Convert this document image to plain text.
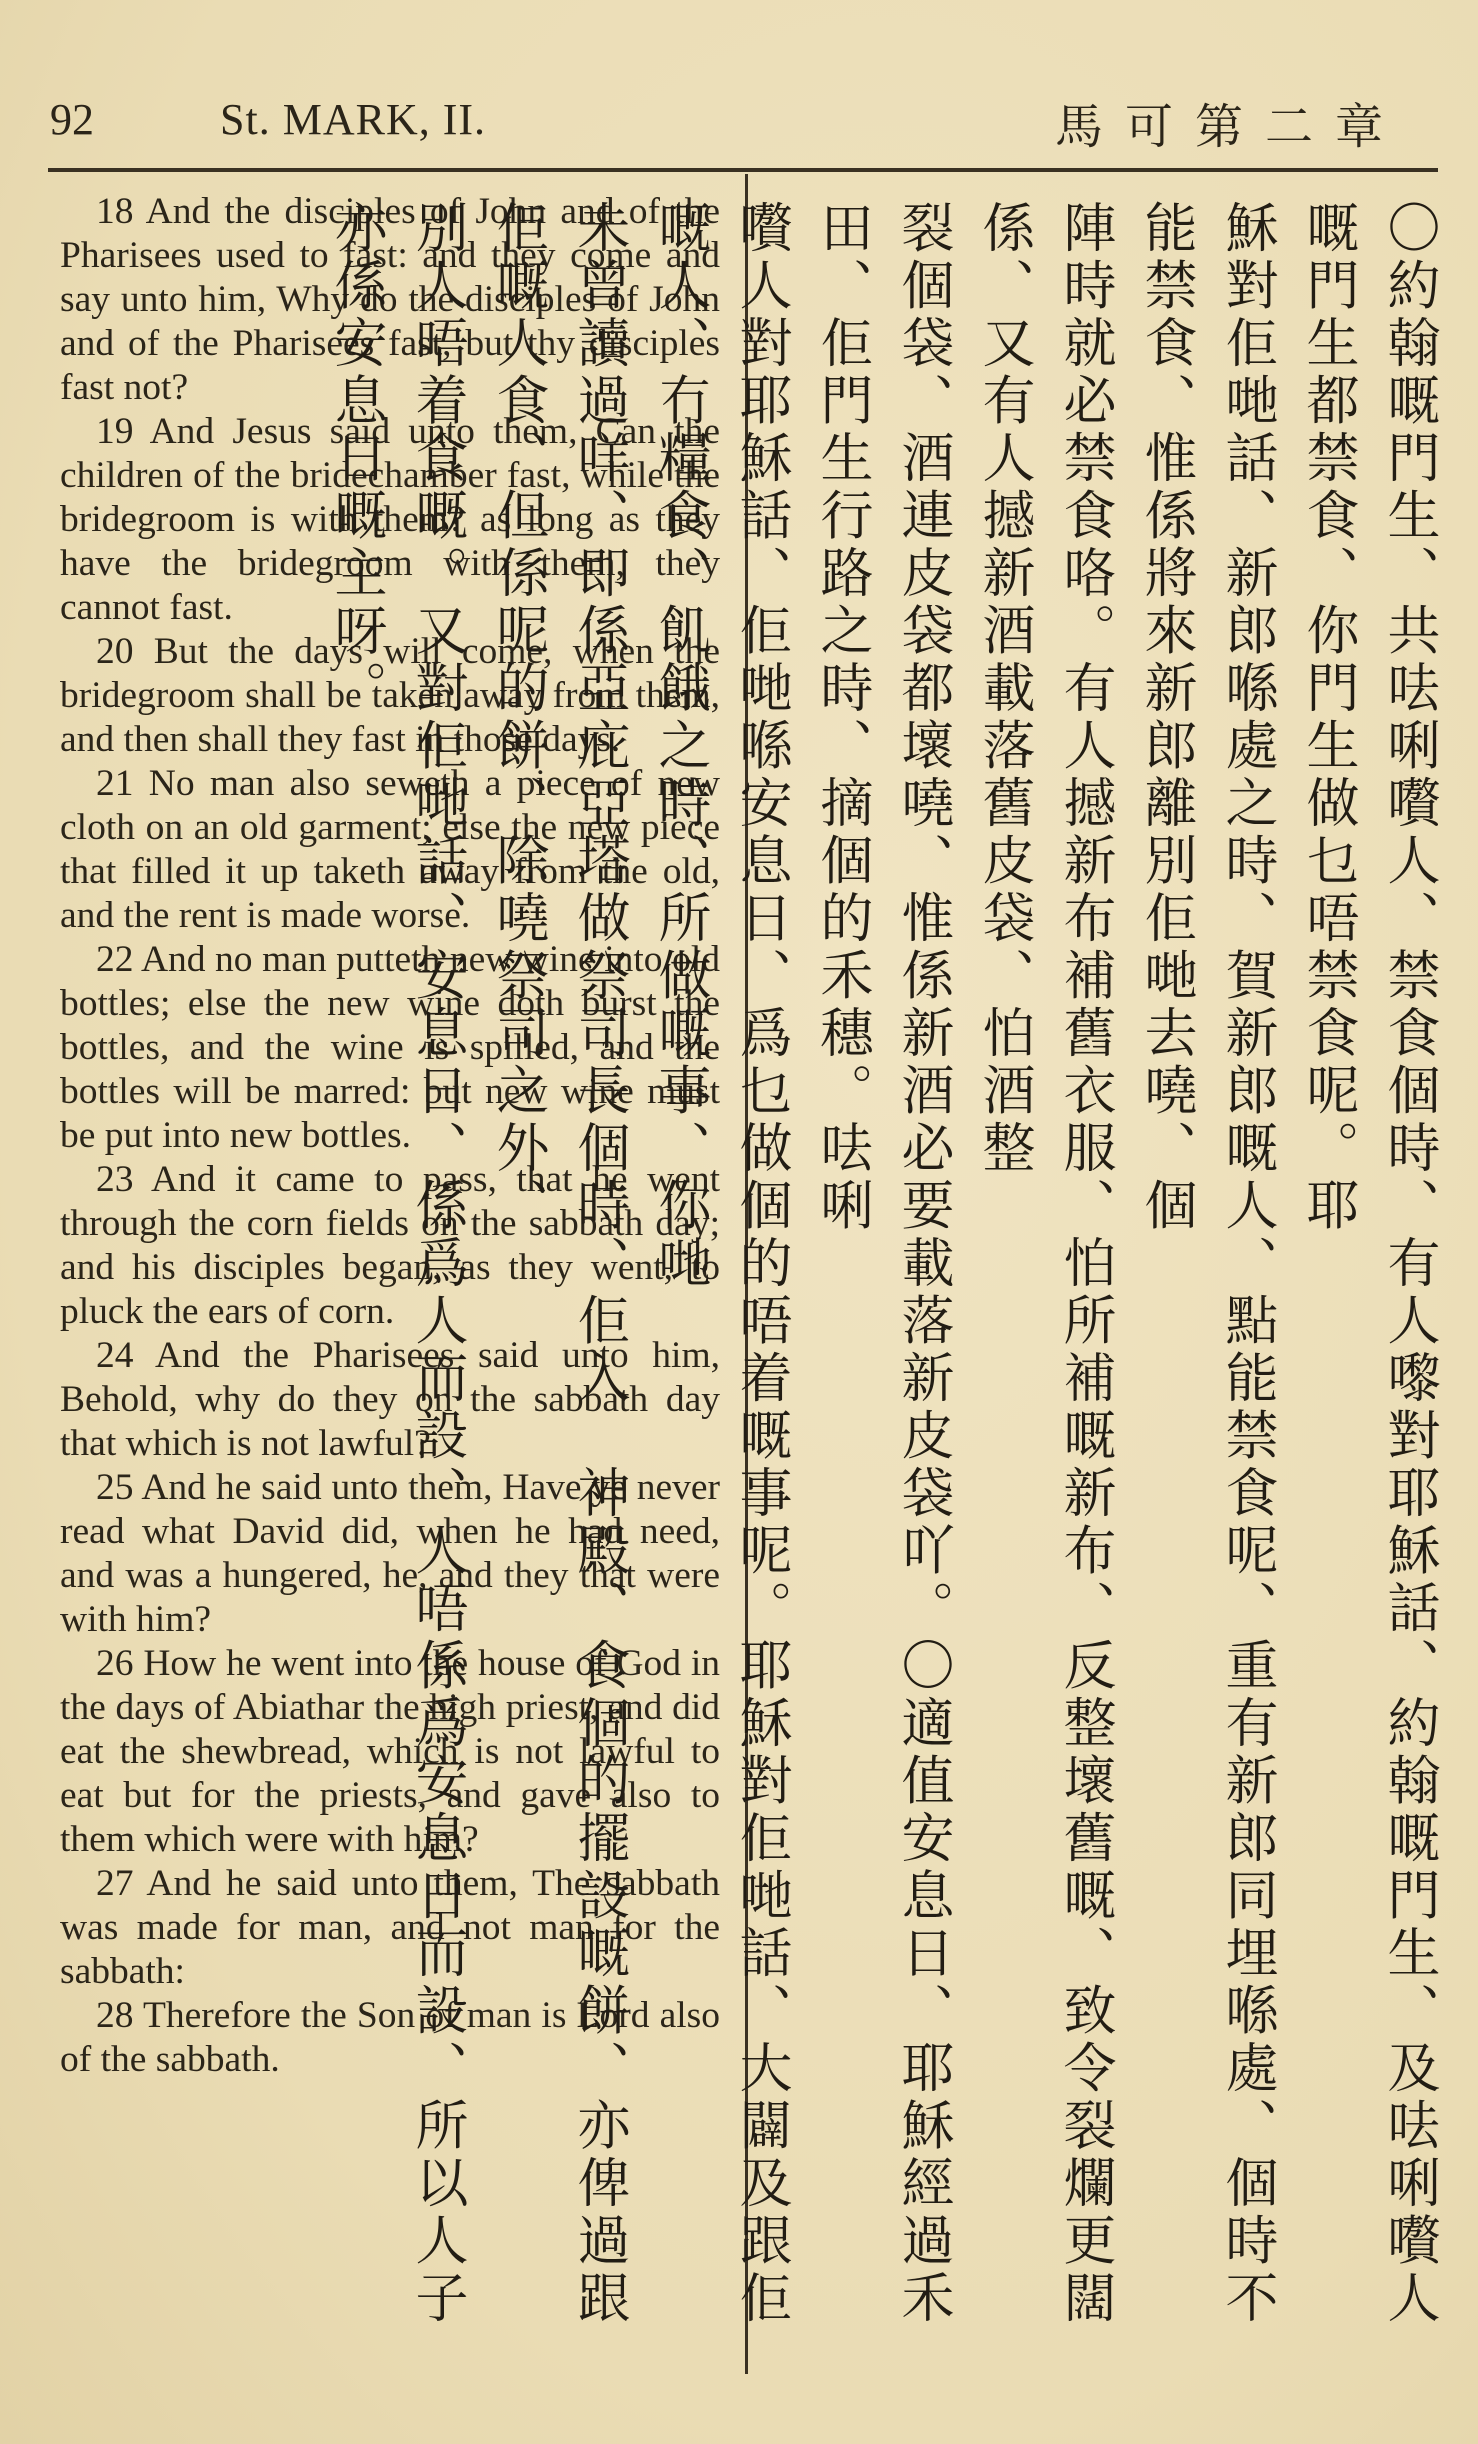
92	St. MARK, II.	馬可第二章

18 And the disciples of John and of the Pharisees used to fast: and they come and say unto him, Why do the disciples of John and of the Pharisees fast, but thy disciples fast not?

19 And Jesus said unto them, Can the children of the bridechamber fast, while the bridegroom is with them? as long as they have the bridegroom with them, they cannot fast.

20 But the days will come, when the bridegroom shall be taken away from them, and then shall they fast in those days.

21 No man also seweth a piece of new cloth on an old garment; else the new piece that filled it up taketh away from the old, and the rent is made worse.

22 And no man putteth new wine into old bottles; else the new wine doth burst the bottles, and the wine is spilled, and the bottles will be marred: but new wine must be put into new bottles.

23 And it came to pass, that he went through the corn fields on the sabbath day; and his disciples began, as they went, to pluck the ears of corn.

24 And the Pharisees said unto him, Behold, why do they on the sabbath day that which is not lawful?

25 And he said unto them, Have ye never read what David did, when he had need, and was a hungered, he, and they that were with him?

26 How he went into the house of God in the days of Abiathar the high priest, and did eat the shewbread, which is not lawful to eat but for the priests, and gave also to them which were with him?

27 And he said unto them, The sabbath was made for man, and not man for the sabbath:

28 Therefore the Son of man is Lord also of the sabbath.	〇約翰嘅門生、共呿唎嚽人、禁食個時、有人嚟對耶穌話、約翰嘅門生、及呿唎嚽人嘅門生都禁食、你門生做乜唔禁食呢。耶

穌對佢哋話、新郎喺處之時、賀新郎嘅人、點能禁食呢、重有新郎同埋喺處、個時不能禁食、惟係將來新郎離別佢哋去嘵、個

陣時就必禁食咯。有人撼新布補舊衣服、怕所補嘅新布、反整壞舊嘅、致令裂爛更闊係、又有人撼新酒載落舊皮袋、怕酒整

裂個袋、酒連皮袋都壞嘵、惟係新酒必要載落新皮袋吖。〇適值安息日、耶穌經過禾田、佢門生行路之時、摘個的禾穗。呿唎

嚽人對耶穌話、佢哋喺安息日、爲乜做個的唔着嘅事呢。耶穌對佢哋話、大闢及跟佢嘅人、冇糧食、飢餓之時、所做嘅事、你哋

未曾讀過咩、即係亞庇亞塔做祭司長個時、佢入　神殿、食個的擺設嘅餅、亦俾過跟佢嘅人食、但係呢的餅、除嘵祭司之外、

別人唔着食嘅。又對佢哋話、安息日、係爲人而設、人唔係爲安息日而設、所以人子亦係安息日嘅主呀。
